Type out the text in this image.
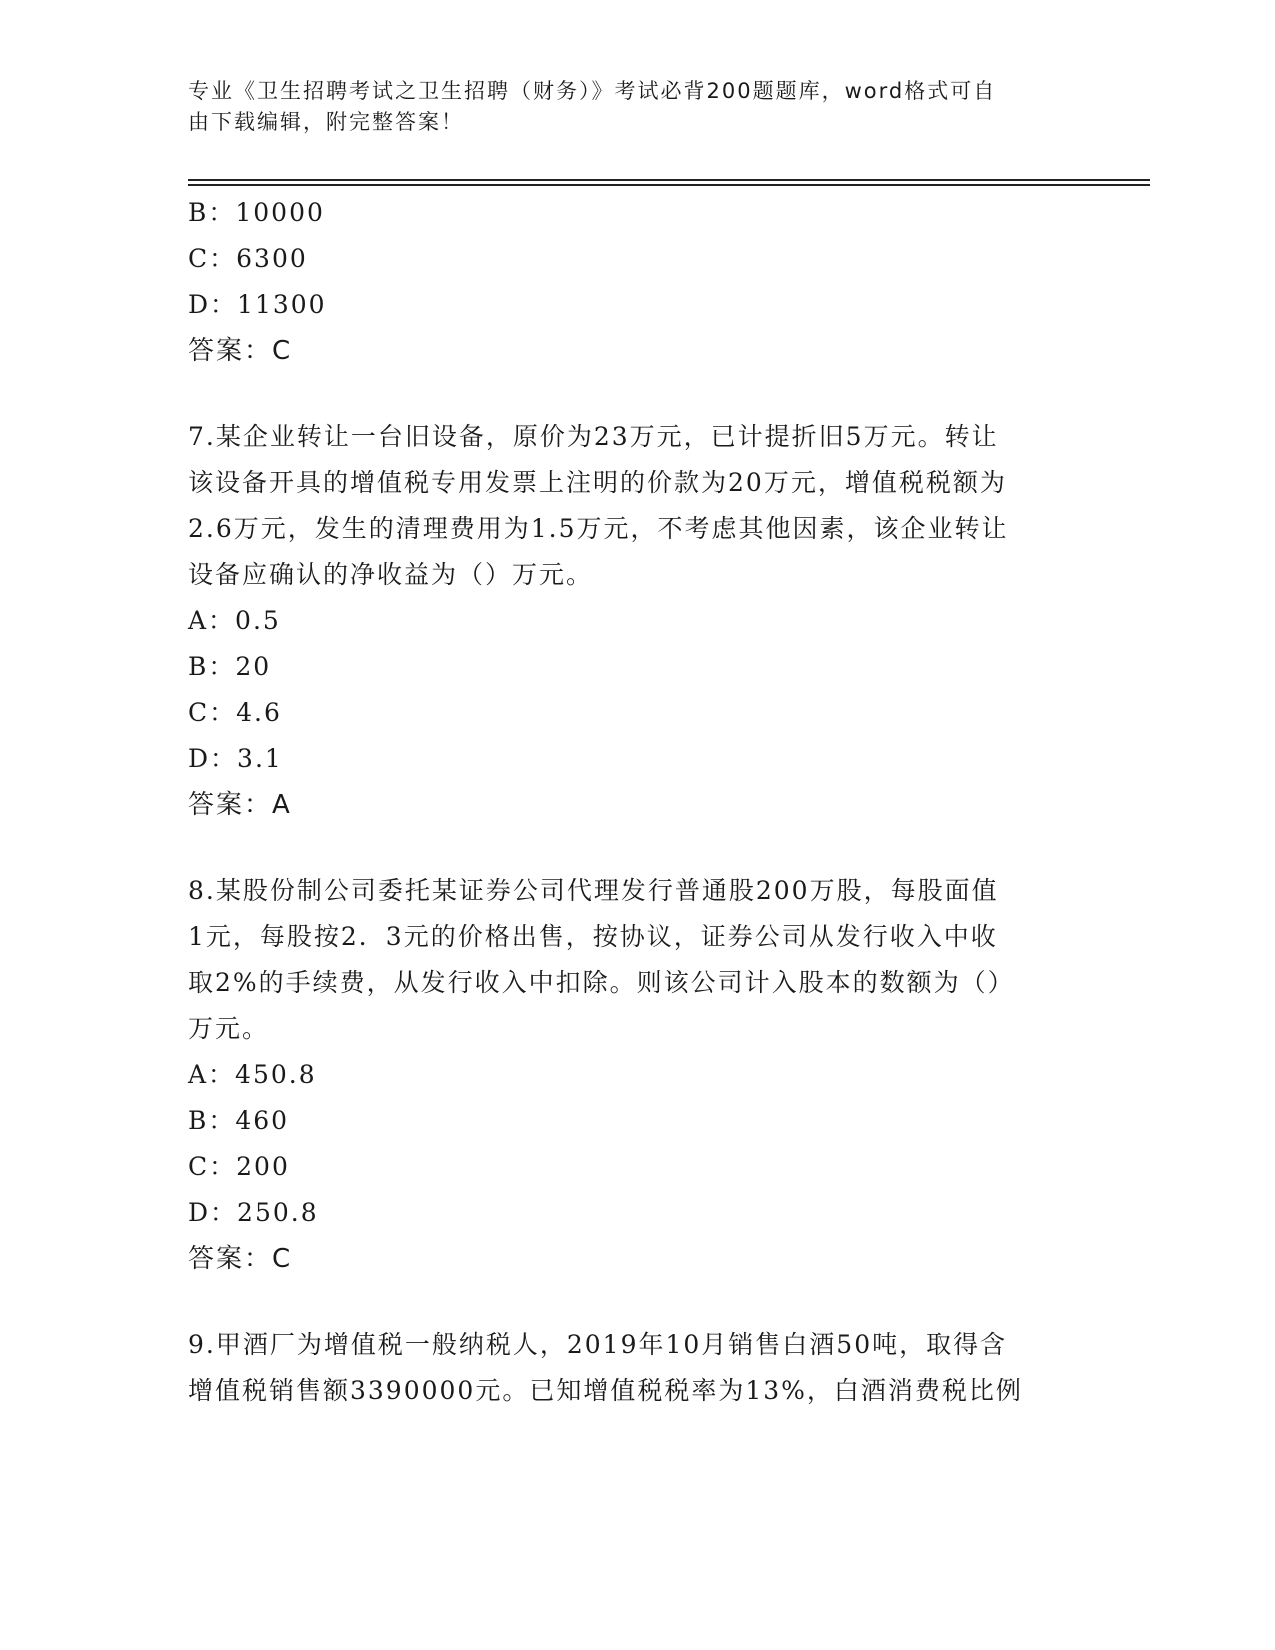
专业《卫生招聘考试之卫生招聘（财务）》考试必背200题题库，word格式可自
由下载编辑，附完整答案！
B：10000
C：6300
D：11300
答案：C
7.某企业转让一台旧设备，原价为23万元，已计提折旧5万元。转让
该设备开具的增值税专用发票上注明的价款为20万元，增值税税额为
2.6万元，发生的清理费用为1.5万元，不考虑其他因素，该企业转让
设备应确认的净收益为（）万元。
A：0.5
B：20
C：4.6
D：3.1
答案：A
8.某股份制公司委托某证券公司代理发行普通股200万股，每股面值
1元，每股按2．3元的价格出售，按协议，证券公司从发行收入中收
取2%的手续费，从发行收入中扣除。则该公司计入股本的数额为（）
万元。
A：450.8
B：460
C：200
D：250.8
答案：C
9.甲酒厂为增值税一般纳税人，2019年10月销售白酒50吨，取得含
增值税销售额3390000元。已知增值税税率为13%，白酒消费税比例
